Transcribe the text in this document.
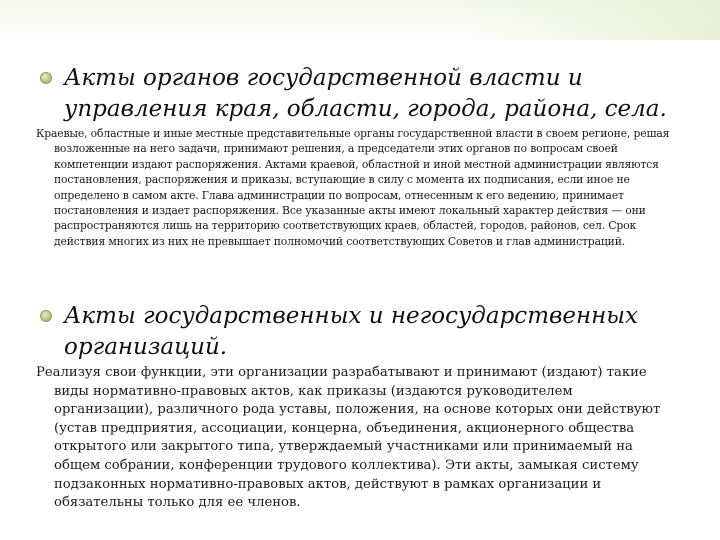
Акты органов государственной власти и управления края, области, города, района, села.

Краевые, областные и иные местные представительные органы государственной власти в своем регионе, решая возложенные на него задачи, принимают решения, а председатели этих органов по вопросам своей компетенции издают распоряжения. Актами краевой, областной и иной местной администрации являются постановления, распоряжения и приказы, вступающие в силу с момента их подписания, если иное не определено в самом акте. Глава администрации по вопросам, отнесенным к его ведению, принимает постановления и издает распоряжения. Все указанные акты имеют локальный характер действия — они распространяются лишь на территорию соответствующих краев, областей, городов, районов, сел. Срок действия многих из них не превышает полномочий соответствующих Советов и глав администраций.

Акты государственных и негосударственных организаций.

Реализуя свои функции, эти организации разрабатывают и принимают (издают) такие виды нормативно-правовых актов, как приказы (издаются руководителем организации), различного рода уставы, положения, на основе которых они действуют (устав предприятия, ассоциации, концерна, объединения, акционерного общества открытого или закрытого типа, утверждаемый участниками или принимаемый на общем собрании, конференции трудового коллектива). Эти акты, замыкая систему подзаконных нормативно-правовых актов, действуют в рамках организации и обязательны только для ее членов.
